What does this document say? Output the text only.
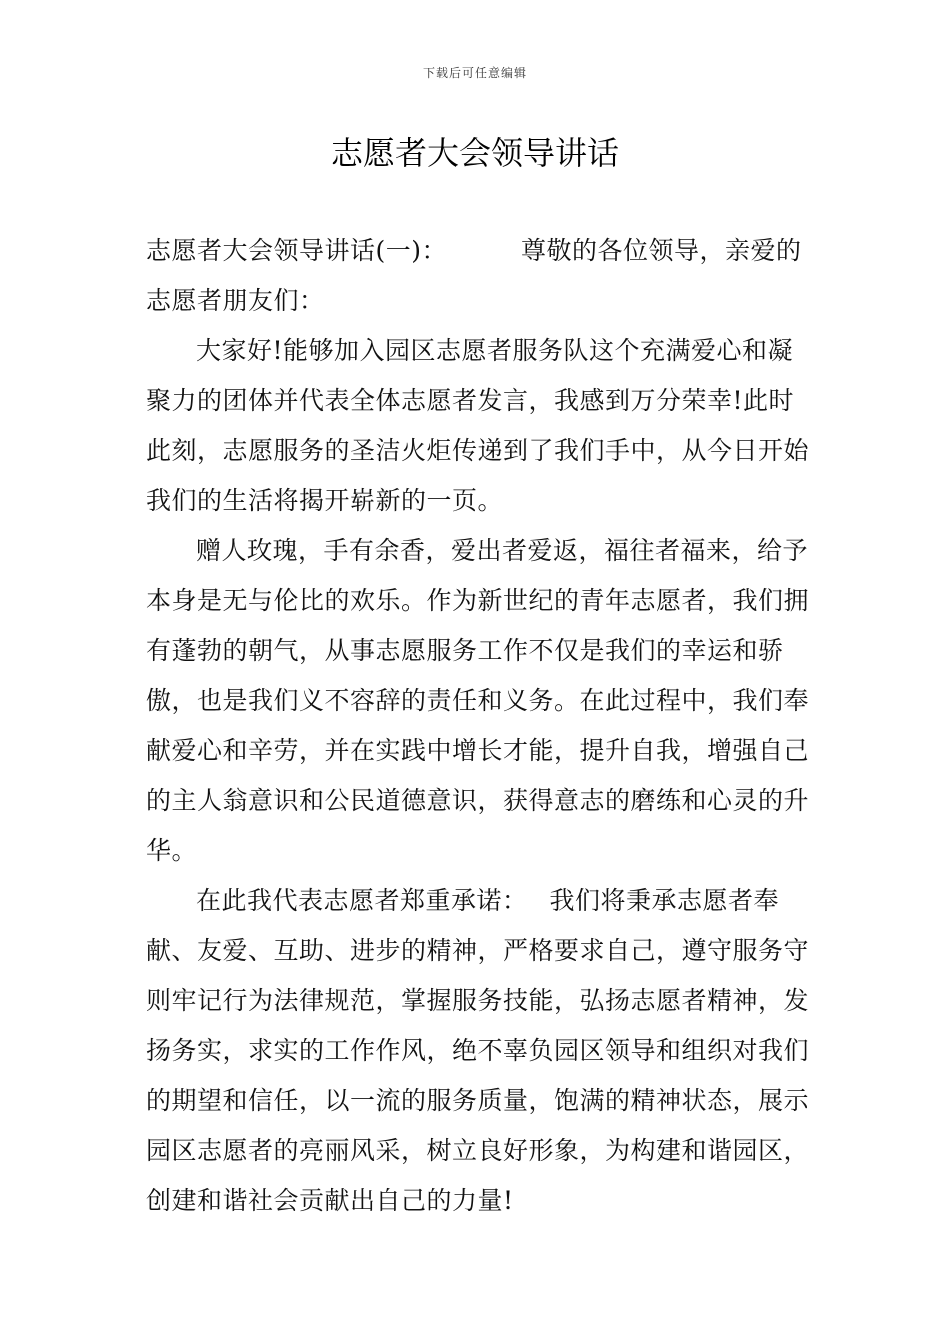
下载后可任意编辑
志愿者大会领导讲话

志愿者大会领导讲话(一)：	尊敬的各位领导，亲爱的志愿者朋友们：

大家好!能够加入园区志愿者服务队这个充满爱心和凝聚力的团体并代表全体志愿者发言，我感到万分荣幸!此时此刻，志愿服务的圣洁火炬传递到了我们手中，从今日开始我们的生活将揭开崭新的一页。

赠人玫瑰，手有余香，爱出者爱返，福往者福来，给予本身是无与伦比的欢乐。作为新世纪的青年志愿者，我们拥有蓬勃的朝气，从事志愿服务工作不仅是我们的幸运和骄傲，也是我们义不容辞的责任和义务。在此过程中，我们奉献爱心和辛劳，并在实践中增长才能，提升自我，增强自己的主人翁意识和公民道德意识，获得意志的磨练和心灵的升华。

在此我代表志愿者郑重承诺： 我们将秉承志愿者奉献、友爱、互助、进步的精神，严格要求自己，遵守服务守则牢记行为法律规范，掌握服务技能，弘扬志愿者精神，发扬务实，求实的工作作风，绝不辜负园区领导和组织对我们的期望和信任，以一流的服务质量，饱满的精神状态，展示园区志愿者的亮丽风采，树立良好形象，为构建和谐园区，创建和谐社会贡献出自己的力量!
